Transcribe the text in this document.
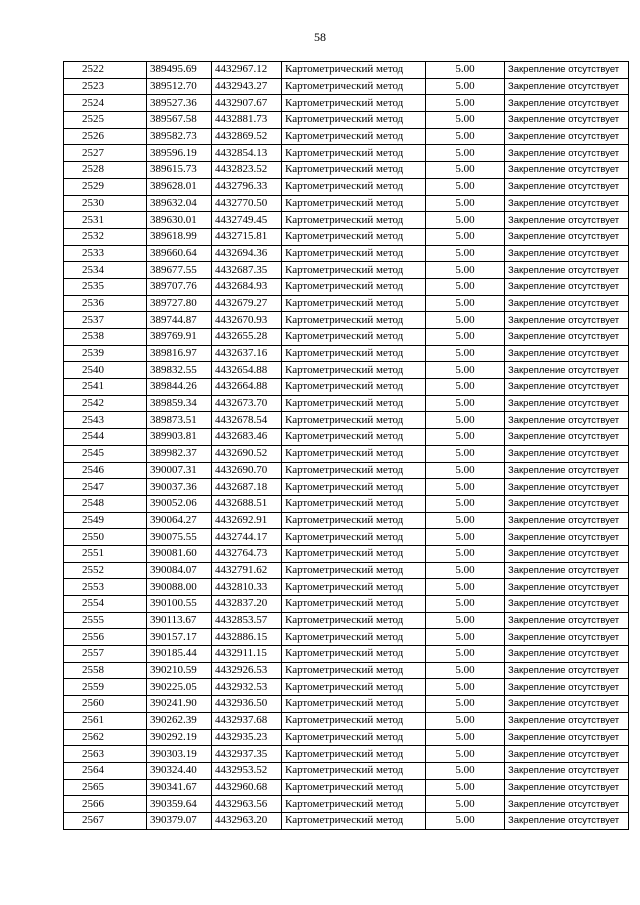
58
2522	389495.69	4432967.12	Картометрический метод	5.00	Закрепление отсутствует
2523	389512.70	4432943.27	Картометрический метод	5.00	Закрепление отсутствует
2524	389527.36	4432907.67	Картометрический метод	5.00	Закрепление отсутствует
2525	389567.58	4432881.73	Картометрический метод	5.00	Закрепление отсутствует
2526	389582.73	4432869.52	Картометрический метод	5.00	Закрепление отсутствует
2527	389596.19	4432854.13	Картометрический метод	5.00	Закрепление отсутствует
2528	389615.73	4432823.52	Картометрический метод	5.00	Закрепление отсутствует
2529	389628.01	4432796.33	Картометрический метод	5.00	Закрепление отсутствует
2530	389632.04	4432770.50	Картометрический метод	5.00	Закрепление отсутствует
2531	389630.01	4432749.45	Картометрический метод	5.00	Закрепление отсутствует
2532	389618.99	4432715.81	Картометрический метод	5.00	Закрепление отсутствует
2533	389660.64	4432694.36	Картометрический метод	5.00	Закрепление отсутствует
2534	389677.55	4432687.35	Картометрический метод	5.00	Закрепление отсутствует
2535	389707.76	4432684.93	Картометрический метод	5.00	Закрепление отсутствует
2536	389727.80	4432679.27	Картометрический метод	5.00	Закрепление отсутствует
2537	389744.87	4432670.93	Картометрический метод	5.00	Закрепление отсутствует
2538	389769.91	4432655.28	Картометрический метод	5.00	Закрепление отсутствует
2539	389816.97	4432637.16	Картометрический метод	5.00	Закрепление отсутствует
2540	389832.55	4432654.88	Картометрический метод	5.00	Закрепление отсутствует
2541	389844.26	4432664.88	Картометрический метод	5.00	Закрепление отсутствует
2542	389859.34	4432673.70	Картометрический метод	5.00	Закрепление отсутствует
2543	389873.51	4432678.54	Картометрический метод	5.00	Закрепление отсутствует
2544	389903.81	4432683.46	Картометрический метод	5.00	Закрепление отсутствует
2545	389982.37	4432690.52	Картометрический метод	5.00	Закрепление отсутствует
2546	390007.31	4432690.70	Картометрический метод	5.00	Закрепление отсутствует
2547	390037.36	4432687.18	Картометрический метод	5.00	Закрепление отсутствует
2548	390052.06	4432688.51	Картометрический метод	5.00	Закрепление отсутствует
2549	390064.27	4432692.91	Картометрический метод	5.00	Закрепление отсутствует
2550	390075.55	4432744.17	Картометрический метод	5.00	Закрепление отсутствует
2551	390081.60	4432764.73	Картометрический метод	5.00	Закрепление отсутствует
2552	390084.07	4432791.62	Картометрический метод	5.00	Закрепление отсутствует
2553	390088.00	4432810.33	Картометрический метод	5.00	Закрепление отсутствует
2554	390100.55	4432837.20	Картометрический метод	5.00	Закрепление отсутствует
2555	390113.67	4432853.57	Картометрический метод	5.00	Закрепление отсутствует
2556	390157.17	4432886.15	Картометрический метод	5.00	Закрепление отсутствует
2557	390185.44	4432911.15	Картометрический метод	5.00	Закрепление отсутствует
2558	390210.59	4432926.53	Картометрический метод	5.00	Закрепление отсутствует
2559	390225.05	4432932.53	Картометрический метод	5.00	Закрепление отсутствует
2560	390241.90	4432936.50	Картометрический метод	5.00	Закрепление отсутствует
2561	390262.39	4432937.68	Картометрический метод	5.00	Закрепление отсутствует
2562	390292.19	4432935.23	Картометрический метод	5.00	Закрепление отсутствует
2563	390303.19	4432937.35	Картометрический метод	5.00	Закрепление отсутствует
2564	390324.40	4432953.52	Картометрический метод	5.00	Закрепление отсутствует
2565	390341.67	4432960.68	Картометрический метод	5.00	Закрепление отсутствует
2566	390359.64	4432963.56	Картометрический метод	5.00	Закрепление отсутствует
2567	390379.07	4432963.20	Картометрический метод	5.00	Закрепление отсутствует
